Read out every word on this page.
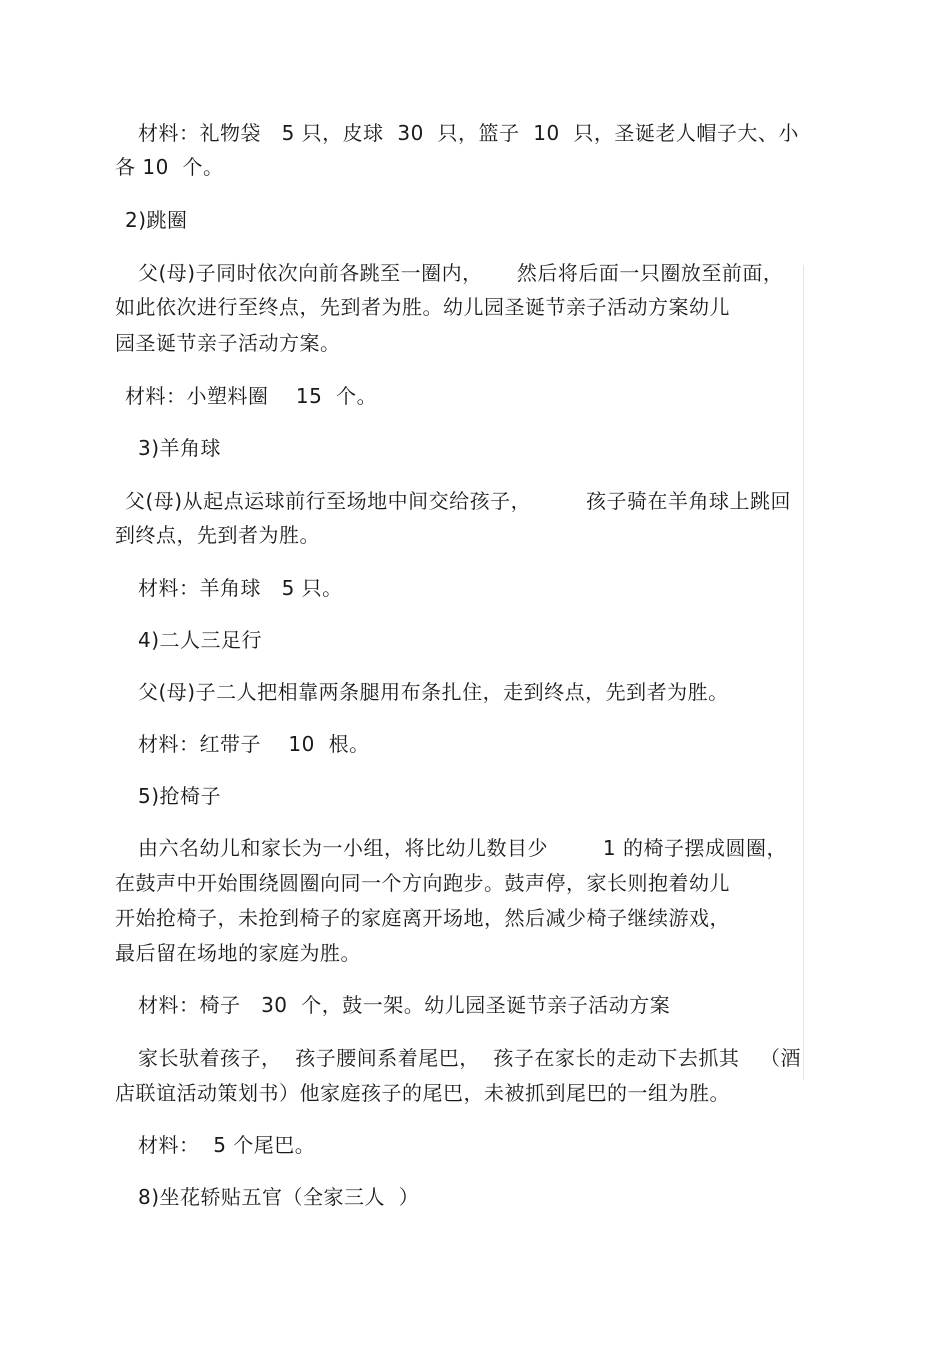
材料：礼物袋   5 只，皮球  30  只，篮子  10  只，圣诞老人帽子大、小
各 10  个。
2)跳圈
父(母)子同时依次向前各跳至一圈内，     然后将后面一只圈放至前面，
如此依次进行至终点，先到者为胜。幼儿园圣诞节亲子活动方案幼儿
园圣诞节亲子活动方案。
材料：小塑料圈    15  个。
3)羊角球
父(母)从起点运球前行至场地中间交给孩子，        孩子骑在羊角球上跳回
到终点，先到者为胜。
材料：羊角球   5 只。
4)二人三足行
父(母)子二人把相靠两条腿用布条扎住，走到终点，先到者为胜。
材料：红带子    10  根。
5)抢椅子
由六名幼儿和家长为一小组，将比幼儿数目少        1 的椅子摆成圆圈，
在鼓声中开始围绕圆圈向同一个方向跑步。鼓声停，家长则抱着幼儿
开始抢椅子，未抢到椅子的家庭离开场地，然后减少椅子继续游戏，
最后留在场地的家庭为胜。
材料：椅子   30  个，鼓一架。幼儿园圣诞节亲子活动方案
家长驮着孩子，  孩子腰间系着尾巴，  孩子在家长的走动下去抓其   （酒
店联谊活动策划书）他家庭孩子的尾巴，未被抓到尾巴的一组为胜。
材料：  5 个尾巴。
8)坐花轿贴五官（全家三人  ）
